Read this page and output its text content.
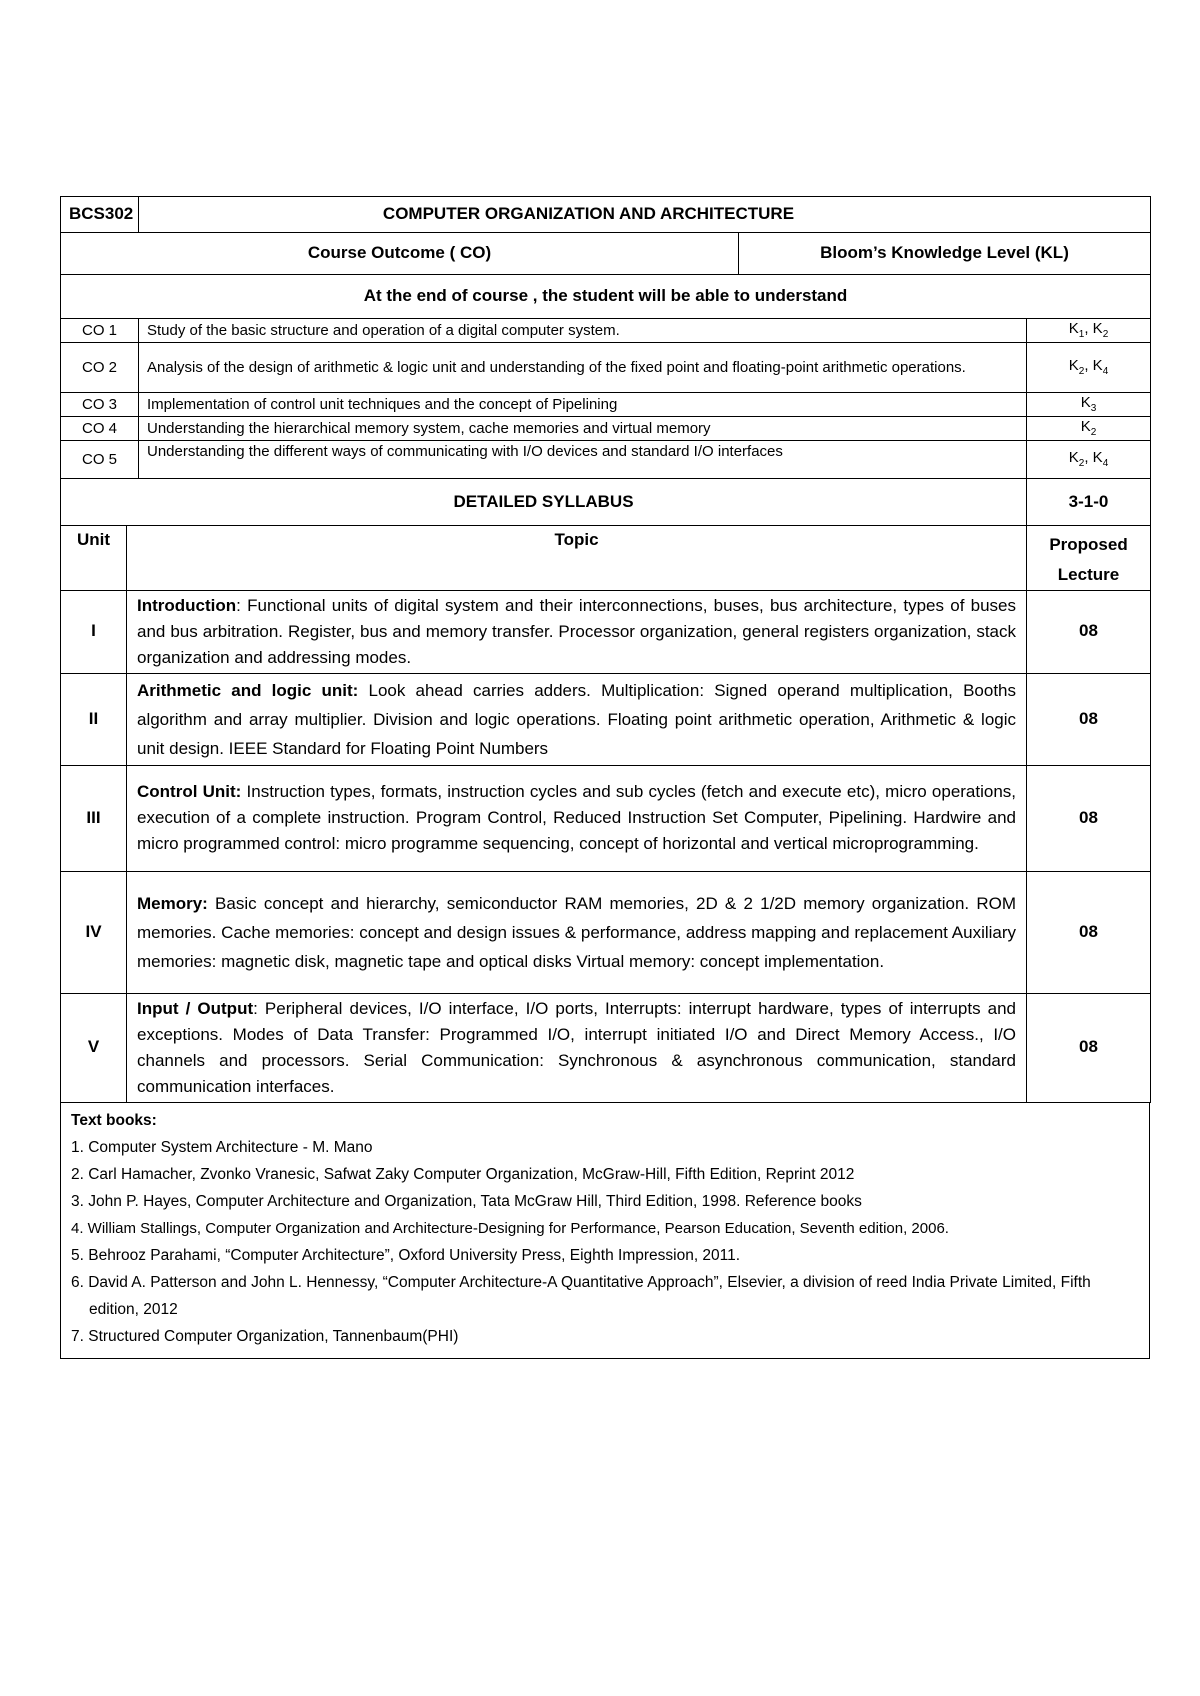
BCS302	COMPUTER ORGANIZATION AND ARCHITECTURE		
Course Outcome ( CO)		Bloom’s Knowledge Level (KL)	
At the end of course , the student will be able to understand			
CO 1	Study of the basic structure and operation of a digital computer system.		$K_1$, $K_2$
CO 2	Analysis of the design of arithmetic & logic unit and understanding of the fixed point and floating-point arithmetic operations.		$K_2$, $K_4$
CO 3	Implementation of control unit techniques and the concept of Pipelining		$K_3$
CO 4	Understanding the hierarchical memory system, cache memories and virtual memory		$K_2$
CO 5	Understanding the different ways of communicating with I/O devices and standard I/O interfaces		$K_2$, $K_4$
DETAILED SYLLABUS		3-1-0
Unit	Topic	Proposed
Lecture
I	Introduction: Functional units of digital system and their interconnections, buses, bus architecture, types of buses and bus arbitration. Register, bus and memory transfer. Processor organization, general registers organization, stack organization and addressing modes.	08
II	Arithmetic and logic unit: Look ahead carries adders. Multiplication: Signed operand multiplication, Booths algorithm and array multiplier. Division and logic operations. Floating point arithmetic operation, Arithmetic & logic unit design. IEEE Standard for Floating Point Numbers	08
III	Control Unit: Instruction types, formats, instruction cycles and sub cycles (fetch and execute etc), micro operations, execution of a complete instruction. Program Control, Reduced Instruction Set Computer, Pipelining. Hardwire and micro programmed control: micro programme sequencing, concept of horizontal and vertical microprogramming.	08
IV	Memory: Basic concept and hierarchy, semiconductor RAM memories, 2D & 2 1/2D memory organization. ROM memories. Cache memories: concept and design issues & performance, address mapping and replacement Auxiliary memories: magnetic disk, magnetic tape and optical disks Virtual memory: concept implementation.	08
V	Input / Output: Peripheral devices, I/O interface, I/O ports, Interrupts: interrupt hardware, types of interrupts and exceptions. Modes of Data Transfer: Programmed I/O, interrupt initiated I/O and Direct Memory Access., I/O channels and processors. Serial Communication: Synchronous & asynchronous communication, standard communication interfaces.	08
Text books:
1. Computer System Architecture - M. Mano
2. Carl Hamacher, Zvonko Vranesic, Safwat Zaky Computer Organization, McGraw-Hill, Fifth Edition, Reprint 2012
3. John P. Hayes, Computer Architecture and Organization, Tata McGraw Hill, Third Edition, 1998. Reference books
4. William Stallings, Computer Organization and Architecture-Designing for Performance, Pearson Education, Seventh edition, 2006.
5. Behrooz Parahami, “Computer Architecture”, Oxford University Press, Eighth Impression, 2011.
6. David A. Patterson and John L. Hennessy, “Computer Architecture-A Quantitative Approach”, Elsevier, a division of reed India Private Limited, Fifth edition, 2012
7. Structured Computer Organization, Tannenbaum(PHI)
